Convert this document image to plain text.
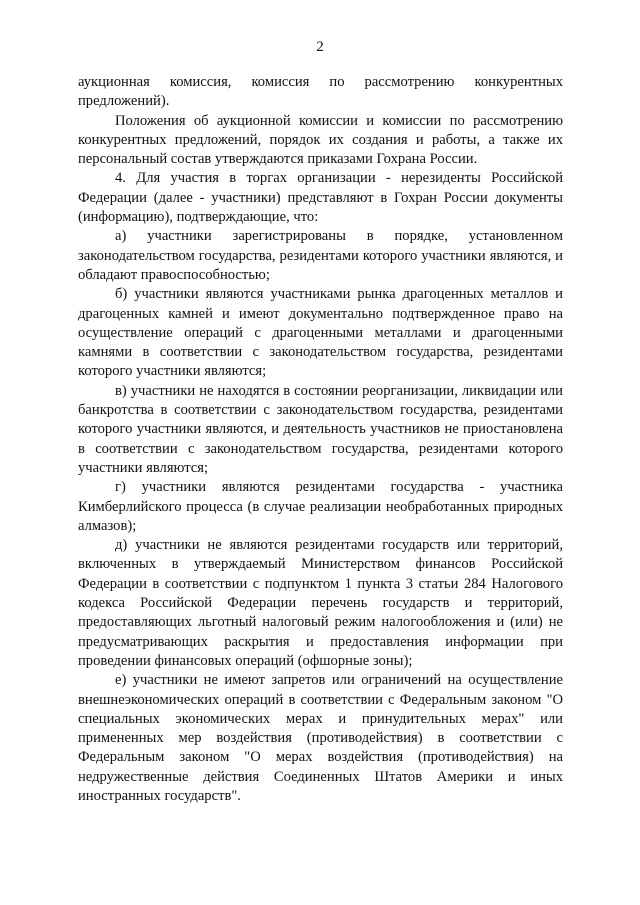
2

аукционная комиссия, комиссия по рассмотрению конкурентных предложений).

Положения об аукционной комиссии и комиссии по рассмотрению конкурентных предложений, порядок их создания и работы, а также их персональный состав утверждаются приказами Гохрана России.

4. Для участия в торгах организации - нерезиденты Российской Федерации (далее - участники) представляют в Гохран России документы (информацию), подтверждающие, что:

а) участники зарегистрированы в порядке, установленном законодательством государства, резидентами которого участники являются, и обладают правоспособностью;

б) участники являются участниками рынка драгоценных металлов и драгоценных камней и имеют документально подтвержденное право на осуществление операций с драгоценными металлами и драгоценными камнями в соответствии с законодательством государства, резидентами которого участники являются;

в) участники не находятся в состоянии реорганизации, ликвидации или банкротства в соответствии с законодательством государства, резидентами которого участники являются, и деятельность участников не приостановлена в соответствии с законодательством государства, резидентами которого участники являются;

г) участники являются резидентами государства - участника Кимберлийского процесса (в случае реализации необработанных природных алмазов);

д) участники не являются резидентами государств или территорий, включенных в утверждаемый Министерством финансов Российской Федерации в соответствии с подпунктом 1 пункта 3 статьи 284 Налогового кодекса Российской Федерации перечень государств и территорий, предоставляющих льготный налоговый режим налогообложения и (или) не предусматривающих раскрытия и предоставления информации при проведении финансовых операций (офшорные зоны);

е) участники не имеют запретов или ограничений на осуществление внешнеэкономических операций в соответствии с Федеральным законом "О специальных экономических мерах и принудительных мерах" или примененных мер воздействия (противодействия) в соответствии с Федеральным законом "О мерах воздействия (противодействия) на недружественные действия Соединенных Штатов Америки и иных иностранных государств".
